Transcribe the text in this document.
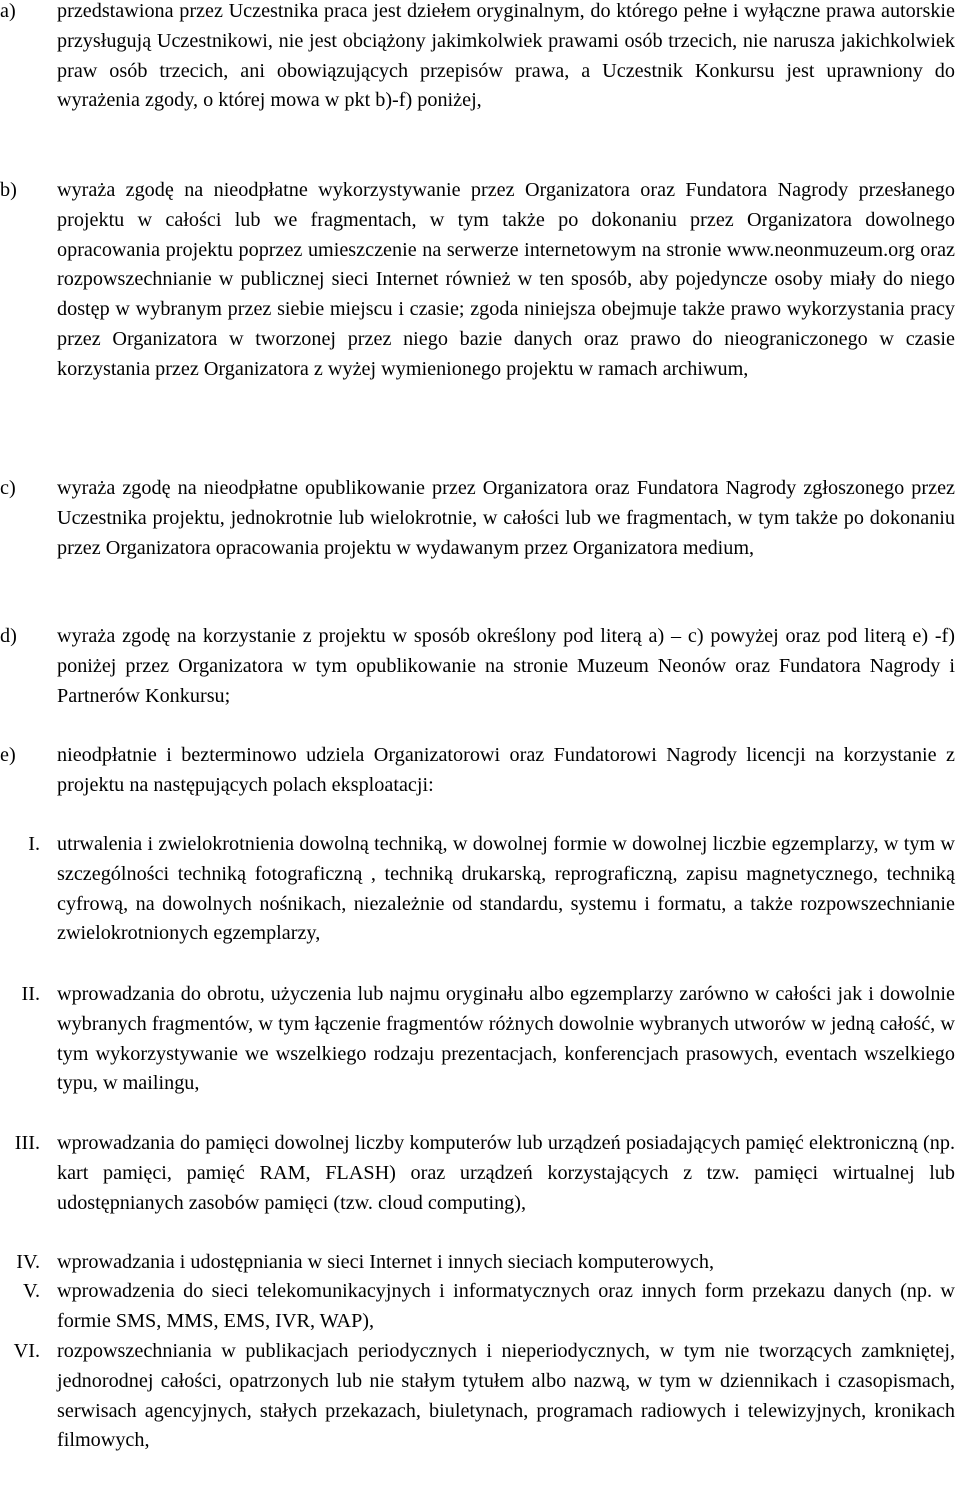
a) przedstawiona przez Uczestnika praca jest dziełem oryginalnym, do którego pełne i wyłączne prawa autorskie przysługują Uczestnikowi, nie jest obciążony jakimkolwiek prawami osób trzecich, nie narusza jakichkolwiek praw osób trzecich, ani obowiązujących przepisów prawa, a Uczestnik Konkursu jest uprawniony do wyrażenia zgody, o której mowa w pkt b)-f) poniżej,
b) wyraża zgodę na nieodpłatne wykorzystywanie przez Organizatora oraz Fundatora Nagrody przesłanego projektu w całości lub we fragmentach, w tym także po dokonaniu przez Organizatora dowolnego opracowania projektu poprzez umieszczenie na serwerze internetowym na stronie www.neonmuzeum.org oraz rozpowszechnianie w publicznej sieci Internet również w ten sposób, aby pojedyncze osoby miały do niego dostęp w wybranym przez siebie miejscu i czasie; zgoda niniejsza obejmuje także prawo wykorzystania pracy przez Organizatora w tworzonej przez niego bazie danych oraz prawo do nieograniczonego w czasie korzystania przez Organizatora z wyżej wymienionego projektu w ramach archiwum,
c) wyraża zgodę na nieodpłatne opublikowanie przez Organizatora oraz Fundatora Nagrody zgłoszonego przez Uczestnika projektu, jednokrotnie lub wielokrotnie, w całości lub we fragmentach, w tym także po dokonaniu przez Organizatora opracowania projektu w wydawanym przez Organizatora medium,
d) wyraża zgodę na korzystanie z projektu w sposób określony pod literą a) – c) powyżej oraz pod literą e) -f) poniżej przez Organizatora w tym opublikowanie na stronie Muzeum Neonów oraz Fundatora Nagrody i Partnerów Konkursu;
e) nieodpłatnie i bezterminowo udziela Organizatorowi oraz Fundatorowi Nagrody licencji na korzystanie z projektu na następujących polach eksploatacji:
I. utrwalenia i zwielokrotnienia dowolną techniką, w dowolnej formie w dowolnej liczbie egzemplarzy, w tym w szczególności techniką fotograficzną , techniką drukarską, reprograficzną, zapisu magnetycznego, techniką cyfrową, na dowolnych nośnikach, niezależnie od standardu, systemu i formatu, a także rozpowszechnianie zwielokrotnionych egzemplarzy,
II. wprowadzania do obrotu, użyczenia lub najmu oryginału albo egzemplarzy zarówno w całości jak i dowolnie wybranych fragmentów, w tym łączenie fragmentów różnych dowolnie wybranych utworów w jedną całość, w tym wykorzystywanie we wszelkiego rodzaju prezentacjach, konferencjach prasowych, eventach wszelkiego typu, w mailingu,
III. wprowadzania do pamięci dowolnej liczby komputerów lub urządzeń posiadających pamięć elektroniczną (np. kart pamięci, pamięć RAM, FLASH) oraz urządzeń korzystających z tzw. pamięci wirtualnej lub udostępnianych zasobów pamięci (tzw. cloud computing),
IV. wprowadzania i udostępniania w sieci Internet i innych sieciach komputerowych,
V. wprowadzenia do sieci telekomunikacyjnych i informatycznych oraz innych form przekazu danych (np. w formie SMS, MMS, EMS, IVR, WAP),
VI. rozpowszechniania w publikacjach periodycznych i nieperiodycznych, w tym nie tworzących zamkniętej, jednorodnej całości, opatrzonych lub nie stałym tytułem albo nazwą, w tym w dziennikach i czasopismach, serwisach agencyjnych, stałych przekazach, biuletynach, programach radiowych i telewizyjnych, kronikach filmowych,
